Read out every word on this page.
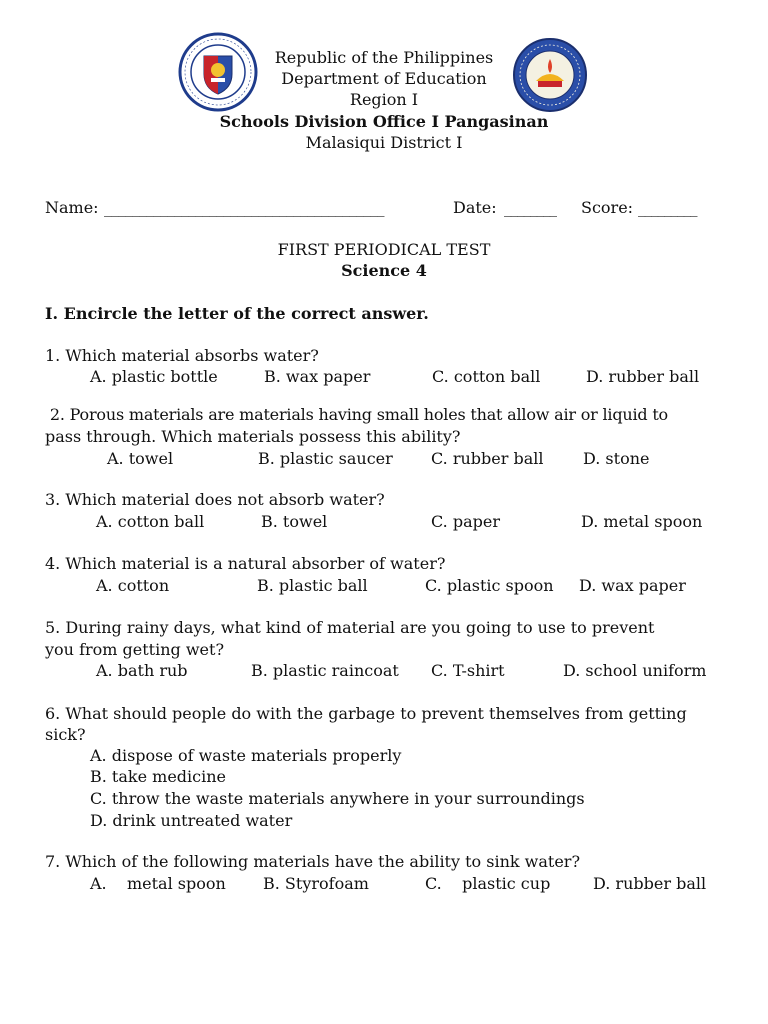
Republic of the Philippines
Department of Education
Region I
Schools Division Office I Pangasinan
Malasiqui District I
Name: ________________________________________	Date: ________ Score: _________
FIRST PERIODICAL TEST
Science 4
I. Encircle the letter of the correct answer.
1. Which material absorbs water?
A. plastic bottle	B. wax paper	C. cotton ball	D. rubber ball
2. Porous materials are materials having small holes that allow air or liquid to
pass through. Which materials possess this ability?
A. towel	B. plastic saucer C. rubber ball D. stone
3. Which material does not absorb water?
A. cotton ball	B. towel	C. paper	D. metal spoon
4. Which material is a natural absorber of water?
A. cotton	B. plastic ball	C. plastic spoon D. wax paper
5. During rainy days, what kind of material are you going to use to prevent
you from getting wet?
A. bath rub	B. plastic raincoat C. T-shirt	D. school uniform
6. What should people do with the garbage to prevent themselves from getting
sick?
A. dispose of waste materials properly
B. take medicine
C. throw the waste materials anywhere in your surroundings
D. drink untreated water
7. Which of the following materials have the ability to sink water?
A.    metal spoon B. Styrofoam	C.    plastic cup	D. rubber ball
